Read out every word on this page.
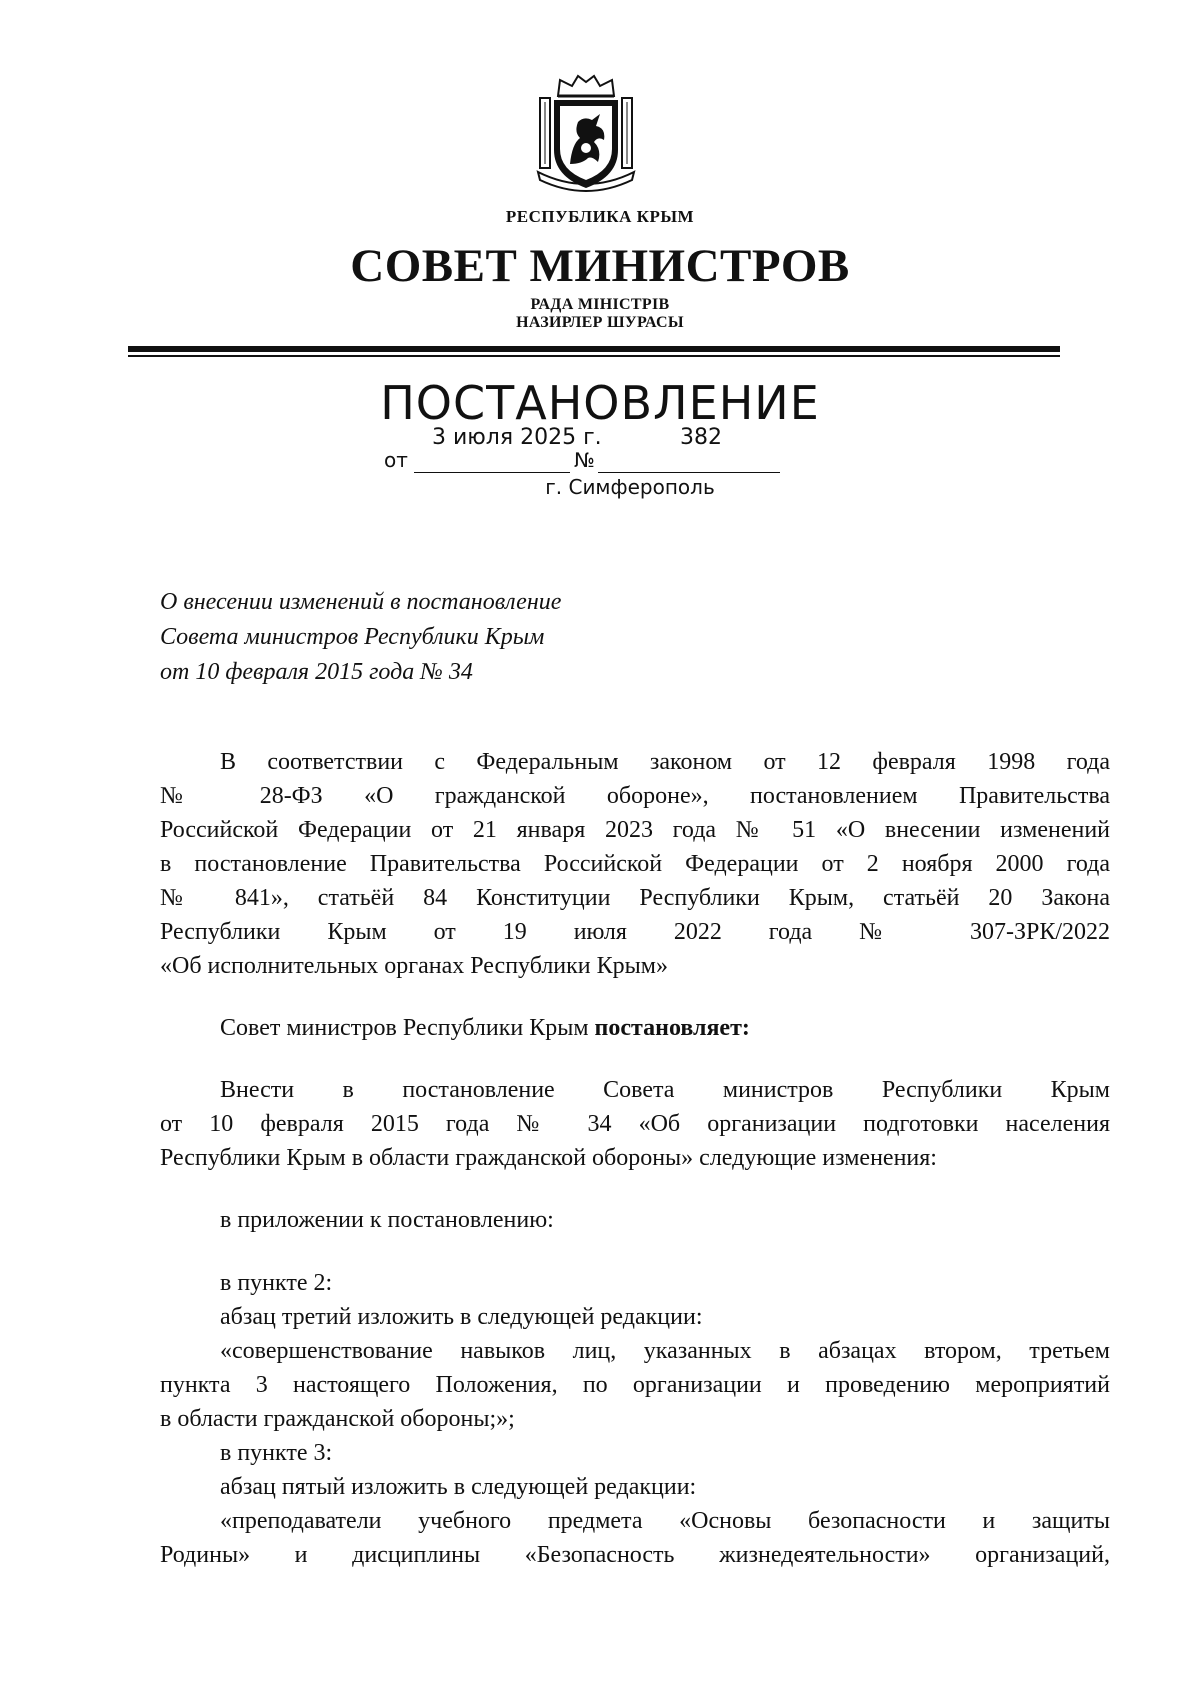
РЕСПУБЛИКА КРЫМ
СОВЕТ МИНИСТРОВ
РАДА МІНІСТРІВ
НАЗИРЛЕР ШУРАСЫ
ПОСТАНОВЛЕНИЕ
от
3 июля 2025 г.
№
382
г. Симферополь
О внесении изменений в постановление
Совета министров Республики Крым
от 10 февраля 2015 года № 34
В соответствии с Федеральным законом от 12 февраля 1998 года
№ 28-ФЗ «О гражданской обороне», постановлением Правительства
Российской Федерации от 21 января 2023 года № 51 «О внесении изменений
в постановление Правительства Российской Федерации от 2 ноября 2000 года
№ 841», статьёй 84 Конституции Республики Крым, статьёй 20 Закона
Республики Крым от 19 июля 2022 года № 307-ЗРК/2022
«Об исполнительных органах Республики Крым»
Совет министров Республики Крым постановляет:
Внести в постановление Совета министров Республики Крым
от 10 февраля 2015 года № 34 «Об организации подготовки населения
Республики Крым в области гражданской обороны» следующие изменения:
в приложении к постановлению:
в пункте 2:
абзац третий изложить в следующей редакции:
«совершенствование навыков лиц, указанных в абзацах втором, третьем
пункта 3 настоящего Положения, по организации и проведению мероприятий
в области гражданской обороны;»;
в пункте 3:
абзац пятый изложить в следующей редакции:
«преподаватели учебного предмета «Основы безопасности и защиты
Родины» и дисциплины «Безопасность жизнедеятельности» организаций,
